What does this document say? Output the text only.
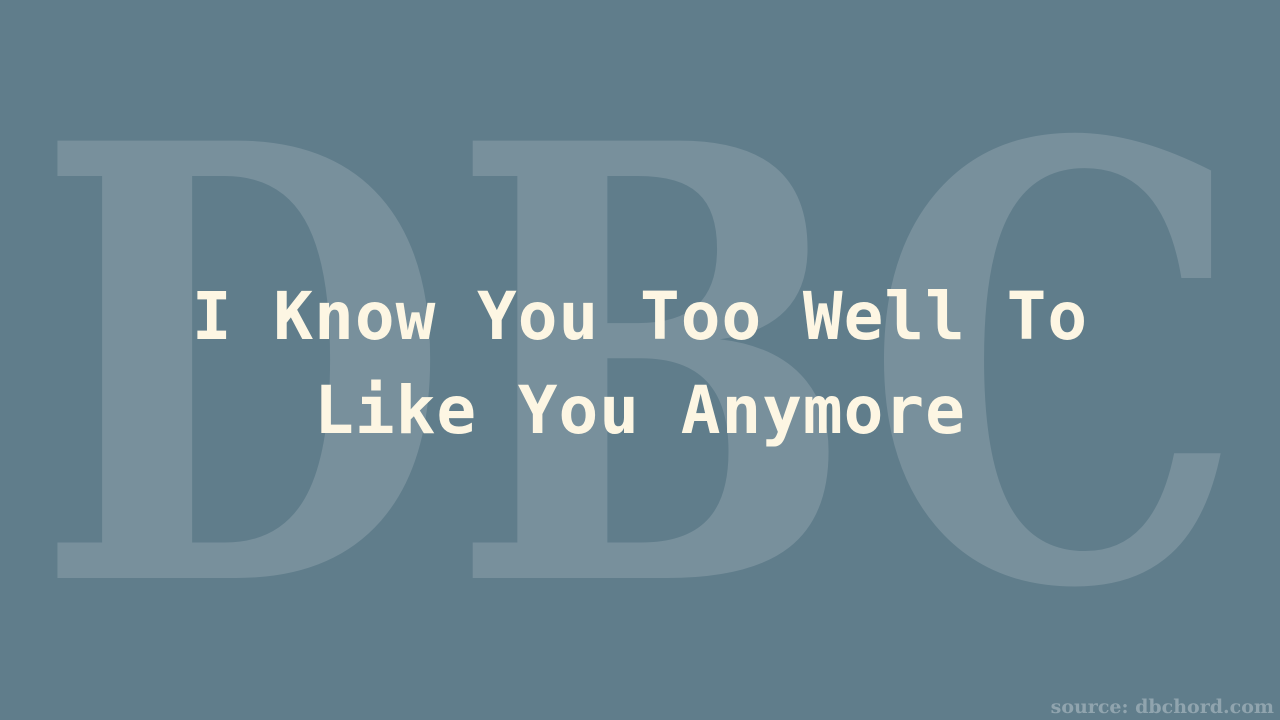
DBC
I Know You Too Well To
Like You Anymore
source: dbchord.com
